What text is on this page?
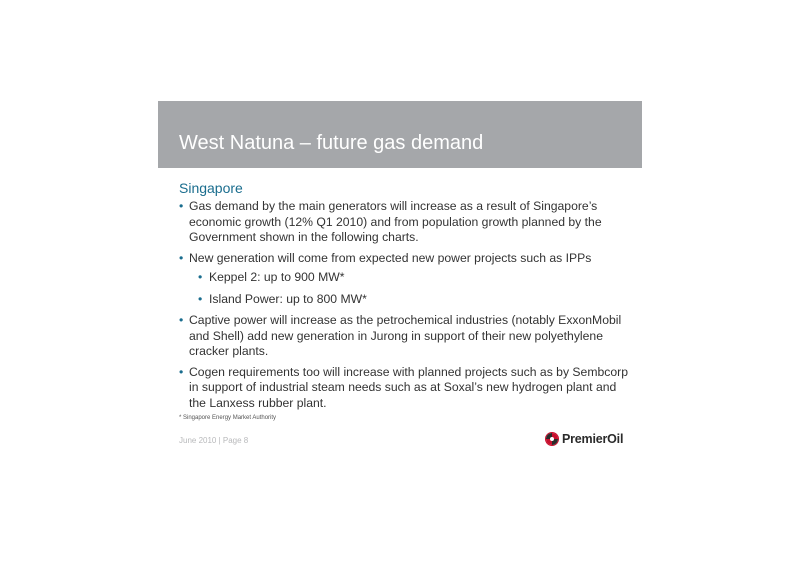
West Natuna – future gas demand
Singapore
• Gas demand by the main generators will increase as a result of Singapore’s economic growth (12% Q1 2010) and from population growth planned by the Government shown in the following charts.
• New generation will come from expected new power projects such as IPPs
• Keppel 2: up to 900 MW*
• Island Power: up to 800 MW*
• Captive power will increase as the petrochemical industries (notably ExxonMobil and Shell) add new generation in Jurong in support of their new polyethylene cracker plants.
• Cogen requirements too will increase with planned projects such as by Sembcorp in support of industrial steam needs such as at Soxal’s new hydrogen plant and the Lanxess rubber plant.
* Singapore Energy Market Authority
June 2010 | Page 8	PremierOil
